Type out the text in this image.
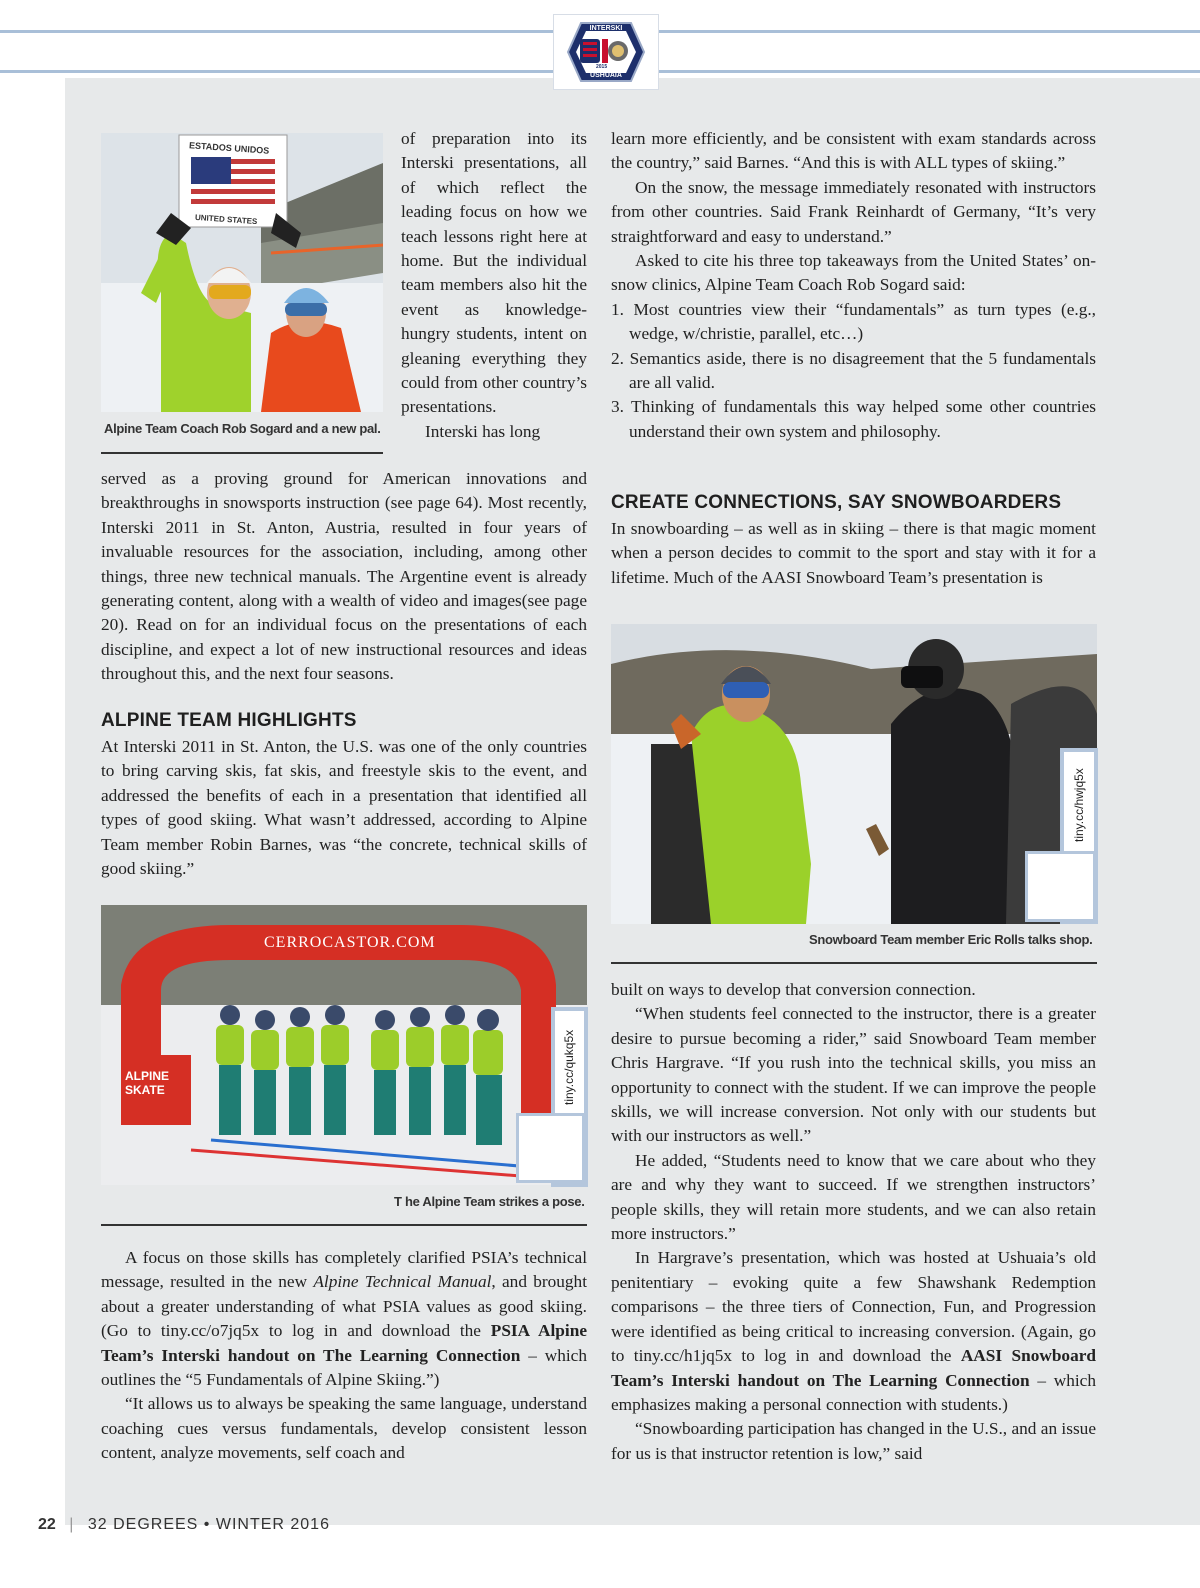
INTERSKI
2015
USHUAIA
ESTADOS UNIDOS
UNITED STATES
Alpine Team Coach Rob Sogard and a new pal.

of preparation into its Interski presentations, all of which reflect the leading focus on how we teach lessons right here at home. But the individual team members also hit the event as knowledge-hungry students, intent on gleaning everything they could from other country’s presentations.

Interski has long

served as a proving ground for American innovations and breakthroughs in snowsports instruction (see page 64). Most recently, Interski 2011 in St. Anton, Austria, resulted in four years of invaluable resources for the association, including, among other things, three new technical manuals. The Argentine event is already generating content, along with a wealth of video and images(see page 20). Read on for an individual focus on the presentations of each discipline, and expect a lot of new instructional resources and ideas throughout this, and the next four seasons.

ALPINE TEAM HIGHLIGHTS

At Interski 2011 in St. Anton, the U.S. was one of the only countries to bring carving skis, fat skis, and freestyle skis to the event, and addressed the benefits of each in a presentation that identified all types of good skiing. What wasn’t addressed, according to Alpine Team member Robin Barnes, was “the concrete, technical skills of good skiing.”

CERROCASTOR.COM
ALPINE SKATE	tiny.cc/qukq5x
T he Alpine Team strikes a pose.

A focus on those skills has completely clarified PSIA’s technical message, resulted in the new Alpine Technical Manual, and brought about a greater understanding of what PSIA values as good skiing. (Go to tiny.cc/o7jq5x to log in and download the PSIA Alpine Team’s Interski handout on The Learning Connection – which outlines the “5 Fundamentals of Alpine Skiing.”)

“It allows us to always be speaking the same language, understand coaching cues versus fundamentals, develop consistent lesson content, analyze movements, self coach and

learn more efficiently, and be consistent with exam standards across the country,” said Barnes. “And this is with ALL types of skiing.”

On the snow, the message immediately resonated with instructors from other countries. Said Frank Reinhardt of Germany, “It’s very straightforward and easy to understand.”

Asked to cite his three top takeaways from the United States’ on-snow clinics, Alpine Team Coach Rob Sogard said:

1. Most countries view their “fundamentals” as turn types (e.g., wedge, w/christie, parallel, etc…)

2. Semantics aside, there is no disagreement that the 5 fundamentals are all valid.

3. Thinking of fundamentals this way helped some other countries understand their own system and philosophy.

CREATE CONNECTIONS, SAY SNOWBOARDERS

In snowboarding – as well as in skiing – there is that magic moment when a person decides to commit to the sport and stay with it for a lifetime. Much of the AASI Snowboard Team’s presentation is

tiny.cc/hwjq5x
Snowboard Team member Eric Rolls talks shop.

built on ways to develop that conversion connection.

“When students feel connected to the instructor, there is a greater desire to pursue becoming a rider,” said Snowboard Team member Chris Hargrave. “If you rush into the technical skills, you miss an opportunity to connect with the student. If we can improve the people skills, we will increase conversion. Not only with our students but with our instructors as well.”

He added, “Students need to know that we care about who they are and why they want to succeed. If we strengthen instructors’ people skills, they will retain more students, and we can also retain more instructors.”

In Hargrave’s presentation, which was hosted at Ushuaia’s old penitentiary – evoking quite a few Shawshank Redemption comparisons – the three tiers of Connection, Fun, and Progression were identified as being critical to increasing conversion. (Again, go to tiny.cc/h1jq5x to log in and download the AASI Snowboard Team’s Interski handout on The Learning Connection – which emphasizes making a personal connection with students.)

“Snowboarding participation has changed in the U.S., and an issue for us is that instructor retention is low,” said

22 | 32 DEGREES • WINTER 2016
